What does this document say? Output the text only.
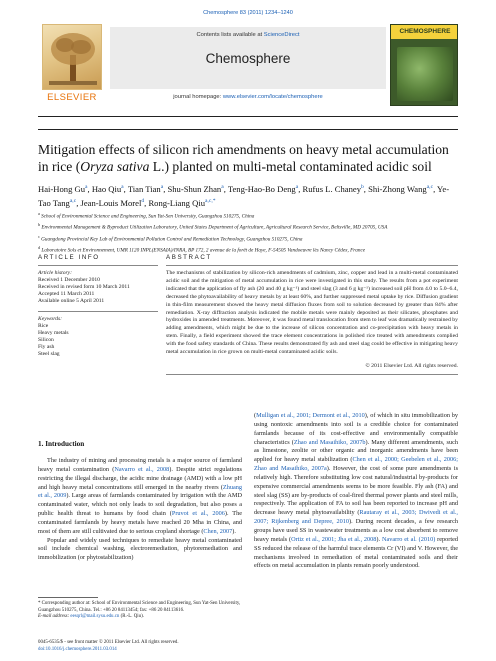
Chemosphere 83 (2011) 1234–1240
ELSEVIER
Contents lists available at ScienceDirect
Chemosphere
journal homepage: www.elsevier.com/locate/chemosphere
CHEMOSPHERE
Mitigation effects of silicon rich amendments on heavy metal accumulation in rice (Oryza sativa L.) planted on multi-metal contaminated acidic soil
Hai-Hong Gu$^a$, Hao Qiu$^a$, Tian Tian$^a$, Shu-Shun Zhan$^a$, Teng-Hao-Bo Deng$^a$, Rufus L. Chaney$^b$, Shi-Zhong Wang$^{a,c}$, Ye-Tao Tang$^{a,c}$, Jean-Louis Morel$^d$, Rong-Liang Qiu$^{a,c,*}$
$^a$ School of Environmental Science and Engineering, Sun Yat-Sen University, Guangzhou 510275, China
$^b$ Environmental Management & Byproduct Utilization Laboratory, United States Department of Agriculture, Agricultural Research Service, Beltsville, MD 20705, USA
$^c$ Guangdong Provincial Key Lab of Environmental Pollution Control and Remediation Technology, Guangzhou 510275, China
$^d$ Laboratoire Sols et Environnement, UMR 1120 INPL(ENSAIA)/INRA, BP 172, 2 avenue de la forêt de Haye, F-54505 Vandoeuvre lès Nancy Cêdex, France
ARTICLE INFO
Article history:
Received 1 December 2010
Received in revised form 10 March 2011
Accepted 11 March 2011
Available online 5 April 2011
Keywords:
Rice
Heavy metals
Silicon
Fly ash
Steel slag
ABSTRACT
The mechanisms of stabilization by silicon-rich amendments of cadmium, zinc, copper and lead in a multi-metal contaminated acidic soil and the mitigation of metal accumulation in rice were investigated in this study. The results from a pot experiment indicated that the application of fly ash (20 and 40 g kg⁻¹) and steel slag (3 and 6 g kg⁻¹) increased soil pH from 4.0 to 5.0–6.4, decreased the phytoavailability of heavy metals by at least 60%, and further suppressed metal uptake by rice. Diffusion gradient in thin-film measurement showed the heavy metal diffusion fluxes from soil to solution decreased by greater than 84% after remediation. X-ray diffraction analysis indicated the mobile metals were mainly deposited as their silicates, phosphates and hydroxides in amended treatments. Moreover, it was found metal translocation from stem to leaf was dramatically restrained by adding amendments, which might be due to the increase of silicon concentration and co-precipitation with heavy metals in stem. Finally, a field experiment showed the trace element concentrations in polished rice treated with amendments complied with the food safety standards of China. These results demonstrated fly ash and steel slag could be effective in mitigating heavy metal accumulation in rice grown on multi-metal contaminated acidic soils.
© 2011 Elsevier Ltd. All rights reserved.
1. Introduction

The industry of mining and processing metals is a major source of farmland heavy metal contamination (Navarro et al., 2008). Despite strict regulations restricting the illegal discharge, the acidic mine drainage (AMD) with a low pH and high heavy metal concentrations still emerged in the nearby rivers (Zhuang et al., 2009). Large areas of farmlands contaminated by irrigation with the AMD contaminated water, which not only leads to soil degradation, but also poses a public health threat to humans by food chain (Pruvot et al., 2006). The contaminated farmlands by heavy metals have reached 20 Mha in China, and most of them are still cultivated due to serious cropland shortage (Chen, 2007).

Popular and widely used techniques to remediate heavy metal contaminated soil include chemical washing, electroremediation, phytoremediation and immobilization (or phytostabilization)

(Mulligan et al., 2001; Dermont et al., 2010), of which in situ immobilization by using nontoxic amendments into soil is a credible choice for contaminated farmlands because of its cost-effective and environmentally compatible characteristics (Zhao and Masaihiko, 2007b). Many different amendments, such as limestone, zeolite or other organic and inorganic amendments have been applied for heavy metal stabilization (Chen et al., 2000; Geebelen et al., 2006; Zhao and Masaihiko, 2007a). However, the cost of some pure amendments is relatively high. Therefore substituting low cost natural/industrial by-products for expensive commercial amendments seems to be more feasible. Fly ash (FA) and steel slag (SS) are by-products of coal-fired thermal power plants and steel mills, respectively. The application of FA to soil has been reported to increase pH and decrease heavy metal phytoavailability (Rautaray et al., 2003; Dwivedi et al., 2007; Rijkenberg and Depree, 2010). During recent decades, a few research groups have used SS in wastewater treatments as a low cost absorbent to remove heavy metals (Ortiz et al., 2001; Jha et al., 2008). Navarro et al. (2010) reported SS reduced the release of the harmful trace elements Cr (VI) and V. However, the mechanisms involved in remediation of metal contaminated soils and their effects on metal accumulation in plants remain poorly understood.

* Corresponding author at: School of Environmental Science and Engineering, Sun Yat-Sen University, Guangzhou 510275, China. Tel.: +86 20 84113454; fax: +86 20 84113616.
E-mail address: eesqrl@mail.sysu.edu.cn (R.-L. Qiu).
0045-6535/$ - see front matter © 2011 Elsevier Ltd. All rights reserved.
doi:10.1016/j.chemosphere.2011.03.014
